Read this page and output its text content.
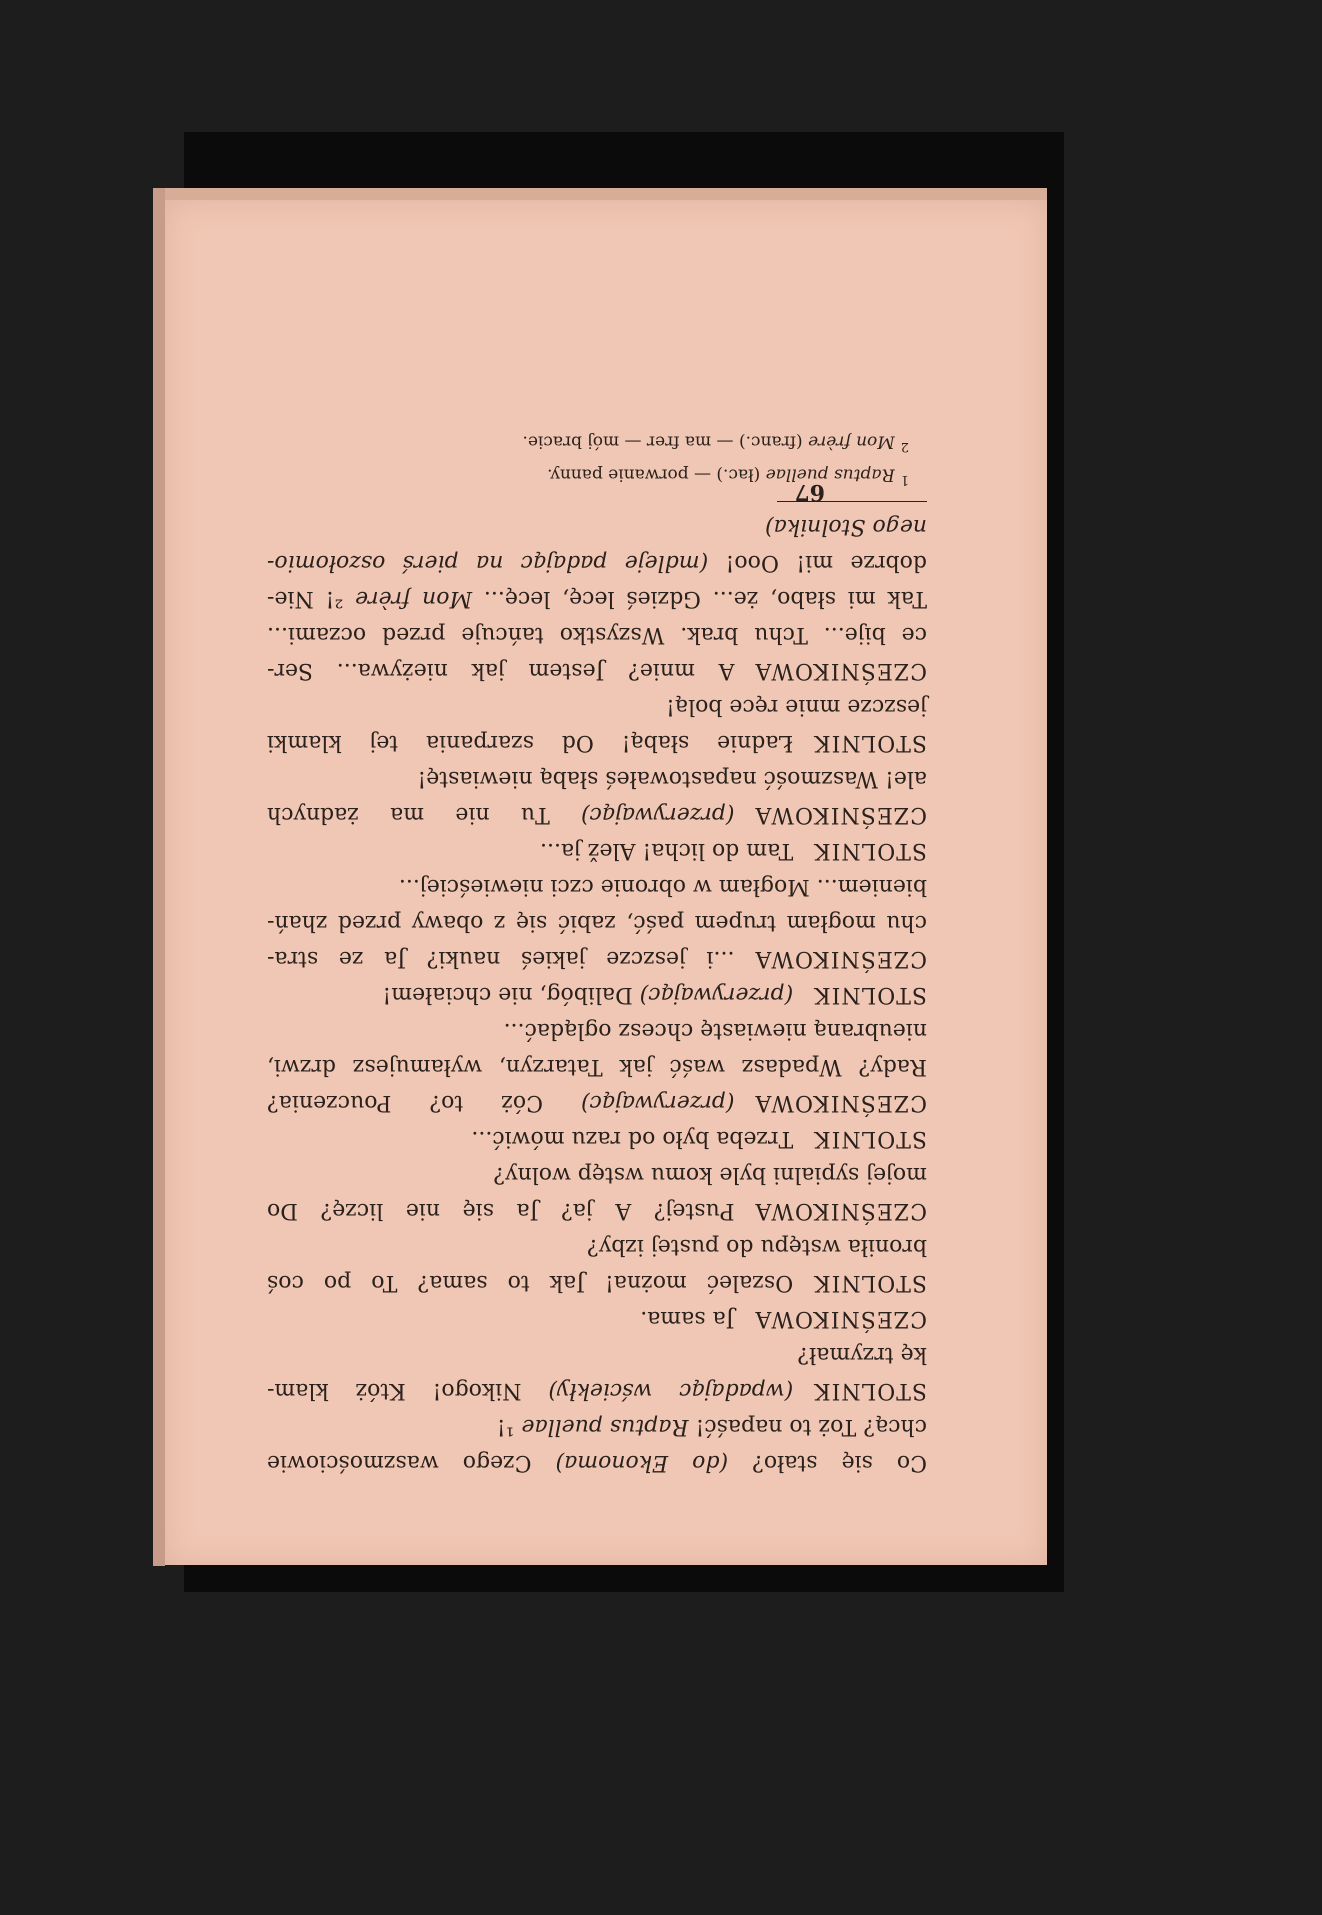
Co się stało? (do Ekonoma) Czego waszmościowie
chcą? Toż to napaść! Raptus puellae ¹!
STOLNIK(wpadając wściekły) Nikogo! Któż klam-
kę trzymał?
CZEŚNIKOWAJa sama.
STOLNIKOszaleć można! Jak to sama? To po coś
broniła wstępu do pustej izby?
CZEŚNIKOWAPustej? A ja? Ja się nie liczę? Do
mojej sypialni byle komu wstęp wolny?
STOLNIKTrzeba było od razu mówić...
CZEŚNIKOWA(przerywając) Cóż to? Pouczenia?
Rady? Wpadasz waść jak Tatarzyn, wyłamujesz drzwi,
nieubraną niewiastę chcesz oglądać...
STOLNIK(przerywając) Dalibóg, nie chciałem!
CZEŚNIKOWA...i jeszcze jakieś nauki? Ja ze stra-
chu mogłam trupem paść, zabić się z obawy przed zhań-
bieniem... Mogłam w obronie czci niewieściej...
STOLNIKTam do licha! Alež ja...
CZEŚNIKOWA(przerywając) Tu nie ma żadnych
ale! Waszmość napastowałeś słabą niewiastę!
STOLNIKŁadnie słabą! Od szarpania tej klamki
jeszcze mnie ręce bolą!
CZEŚNIKOWAA mnie? Jestem jak nieżywa... Ser-
ce bije... Tchu brak. Wszystko tańcuje przed oczami...
Tak mi słabo, że... Gdzieś lecę, lecę... Mon frère ²! Nie-
dobrze mi! Ooo! (mdleje padając na pierś oszołomio-
nego Stolnika)
$^1$Raptus puellae (łac.) — porwanie panny.
$^2$Mon frère (franc.) — ma frer — mój bracie.
67
